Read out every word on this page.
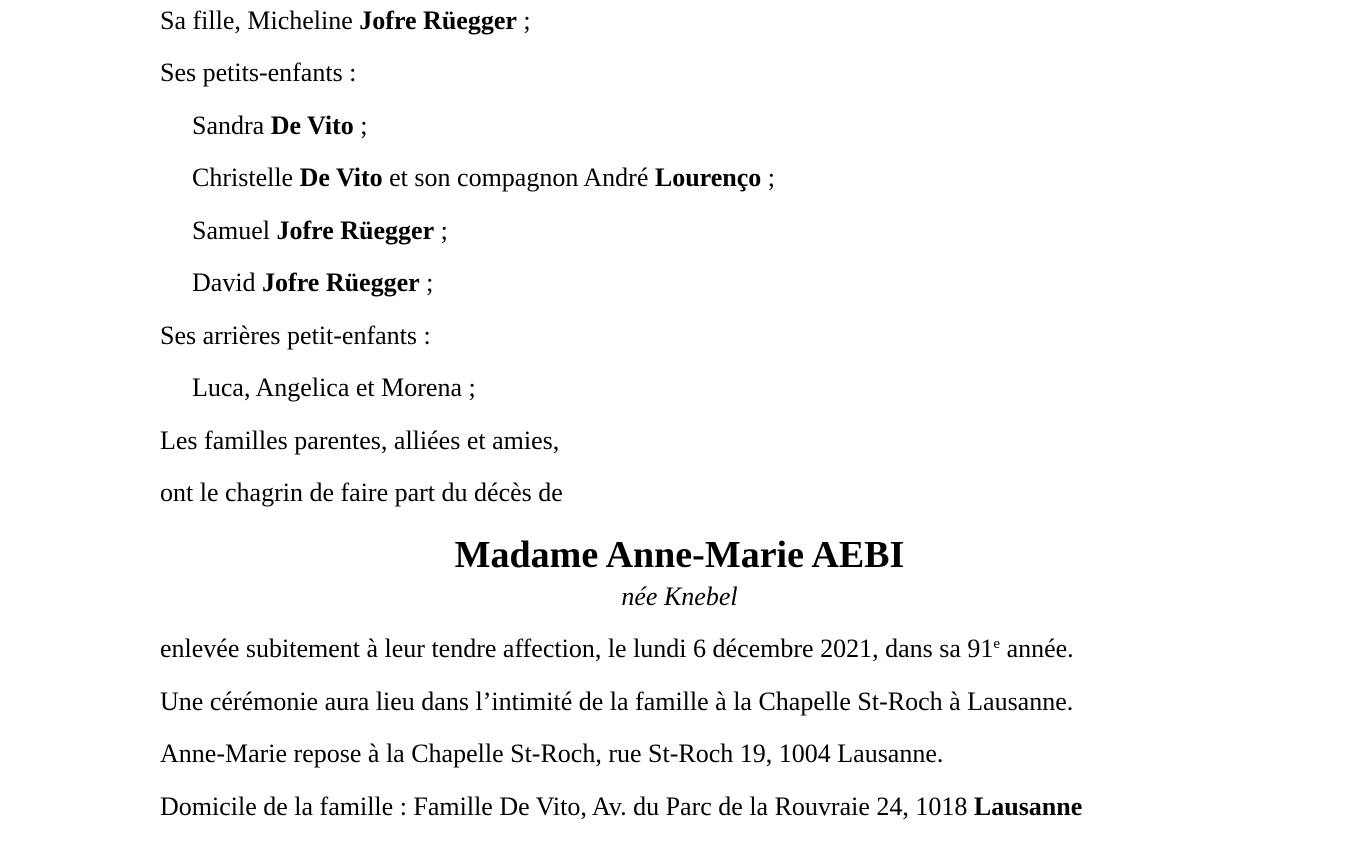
Sa fille, Micheline Jofre Rüegger ;
Ses petits-enfants :
Sandra De Vito ;
Christelle De Vito et son compagnon André Lourenço ;
Samuel Jofre Rüegger ;
David Jofre Rüegger ;
Ses arrières petit-enfants :
Luca, Angelica et Morena ;
Les familles parentes, alliées et amies,
ont le chagrin de faire part du décès de
Madame Anne-Marie AEBI
née Knebel
enlevée subitement à leur tendre affection, le lundi 6 décembre 2021, dans sa 91e année.
Une cérémonie aura lieu dans l’intimité de la famille à la Chapelle St-Roch à Lausanne.
Anne-Marie repose à la Chapelle St-Roch, rue St-Roch 19, 1004 Lausanne.
Domicile de la famille : Famille De Vito, Av. du Parc de la Rouvraie 24, 1018 Lausanne
